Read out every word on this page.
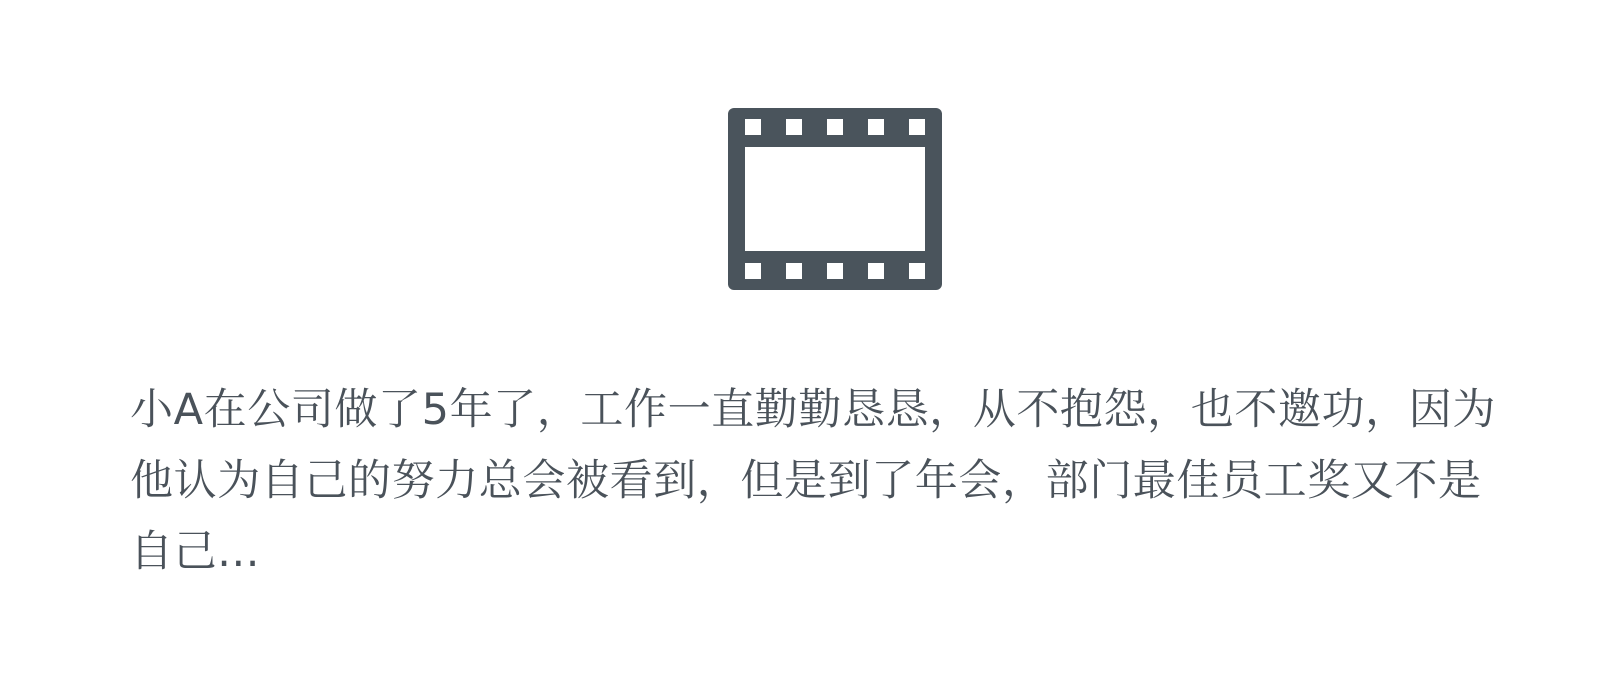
小A在公司做了5年了，工作一直勤勤恳恳，从不抱怨，也不邀功，因为他认为自己的努力总会被看到，但是到了年会，部门最佳员工奖又不是自己...
